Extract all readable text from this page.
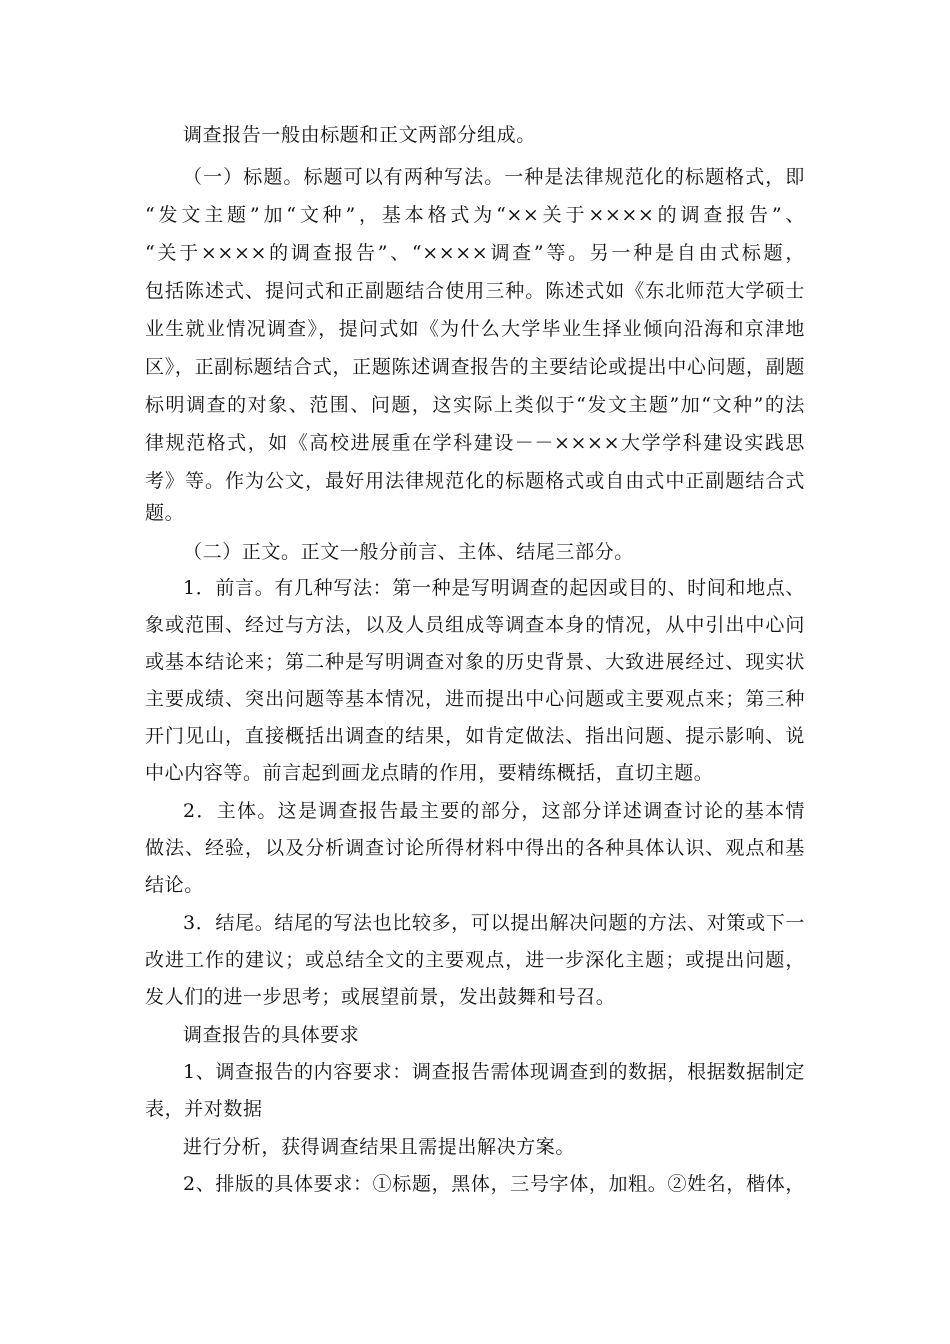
调查报告一般由标题和正文两部分组成。
（一）标题。标题可以有两种写法。一种是法律规范化的标题格式，即
“发文主题”加“文种”，基本格式为“××关于××××的调查报告”、
“关于××××的调查报告”、“××××调查”等。另一种是自由式标题，
包括陈述式、提问式和正副题结合使用三种。陈述式如《东北师范大学硕士
业生就业情况调查》，提问式如《为什么大学毕业生择业倾向沿海和京津地
区》，正副标题结合式，正题陈述调查报告的主要结论或提出中心问题，副题
标明调查的对象、范围、问题，这实际上类似于“发文主题”加“文种”的法
律规范格式，如《高校进展重在学科建设－－××××大学学科建设实践思
考》等。作为公文，最好用法律规范化的标题格式或自由式中正副题结合式
题。
（二）正文。正文一般分前言、主体、结尾三部分。
1．前言。有几种写法：第一种是写明调查的起因或目的、时间和地点、
象或范围、经过与方法，以及人员组成等调查本身的情况，从中引出中心问
或基本结论来；第二种是写明调查对象的历史背景、大致进展经过、现实状
主要成绩、突出问题等基本情况，进而提出中心问题或主要观点来；第三种
开门见山，直接概括出调查的结果，如肯定做法、指出问题、提示影响、说
中心内容等。前言起到画龙点睛的作用，要精练概括，直切主题。
2．主体。这是调查报告最主要的部分，这部分详述调查讨论的基本情
做法、经验，以及分析调查讨论所得材料中得出的各种具体认识、观点和基
结论。
3．结尾。结尾的写法也比较多，可以提出解决问题的方法、对策或下一
改进工作的建议；或总结全文的主要观点，进一步深化主题；或提出问题，
发人们的进一步思考；或展望前景，发出鼓舞和号召。
调查报告的具体要求
1、调查报告的内容要求：调查报告需体现调查到的数据，根据数据制定
表，并对数据
进行分析，获得调查结果且需提出解决方案。
2、排版的具体要求：①标题，黑体，三号字体，加粗。②姓名，楷体，
